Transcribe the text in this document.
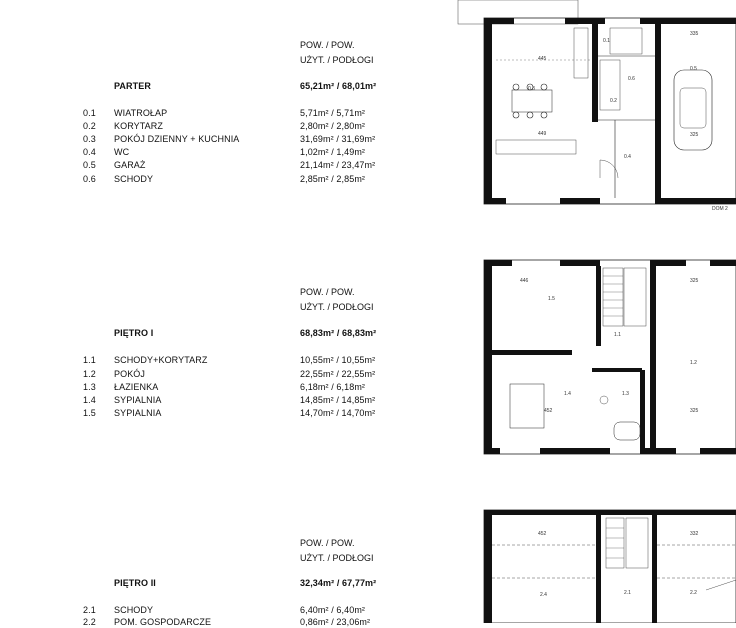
POW. / POW.
UŻYT. / PODŁOGI
PARTER	65,21m² / 68,01m²
0.1 WIATROŁAP	5,71m² / 5,71m²
0.2 KORYTARZ	2,80m² / 2,80m²
0.3 POKÓJ DZIENNY + KUCHNIA	31,69m² / 31,69m²
0.4 WC	1,02m² / 1,49m²
0.5 GARAŻ	21,14m² / 23,47m²
0.6 SCHODY	2,85m² / 2,85m²
POW. / POW.
UŻYT. / PODŁOGI
PIĘTRO I	68,83m² / 68,83m²
1.1 SCHODY+KORYTARZ	10,55m² / 10,55m²
1.2 POKÓJ	22,55m² / 22,55m²
1.3 ŁAZIENKA	6,18m² / 6,18m²
1.4 SYPIALNIA	14,85m² / 14,85m²
1.5 SYPIALNIA	14,70m² / 14,70m²
POW. / POW.
UŻYT. / PODŁOGI
PIĘTRO II	32,34m² / 67,77m²
2.1 SCHODY	6,40m² / 6,40m²
2.2 POM. GOSPODARCZE	0,86m² / 23,06m²
0.3
0.2
0.4
0.5
0.6
0.1
445
449
335
325
DOM 2
1.5
1.1
1.2
1.3
1.4
446	325
452	325
452	332
2.4	2.1	2.2
